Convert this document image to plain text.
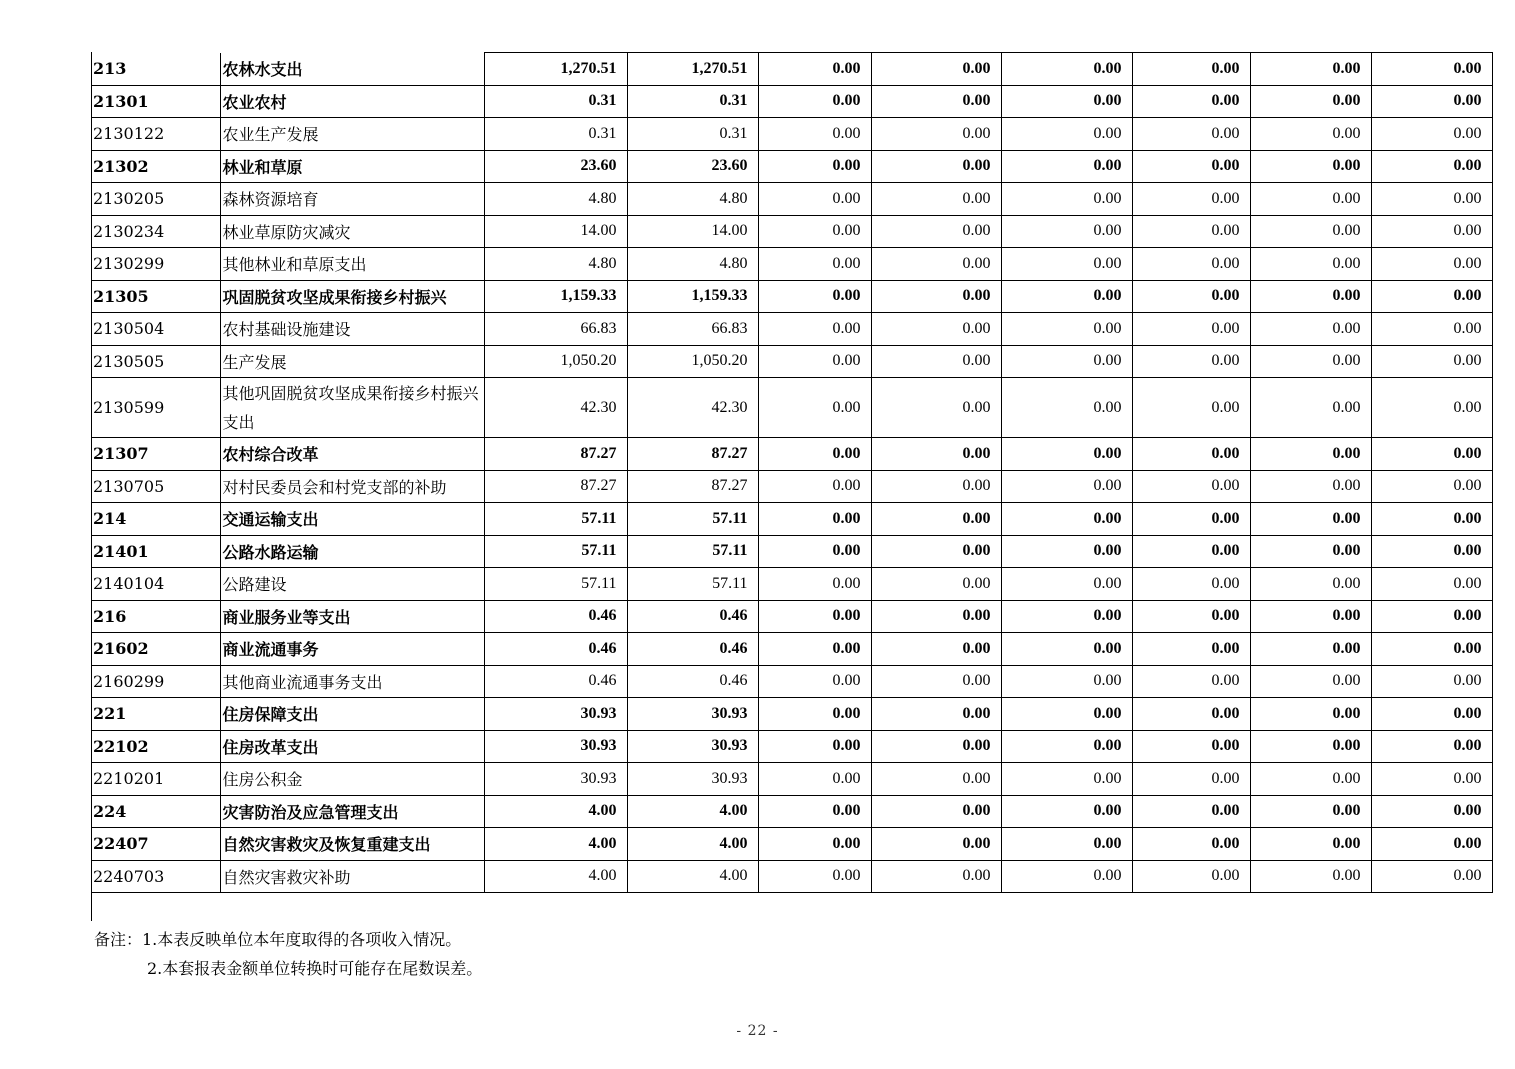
213	农林水支出	1,270.51	1,270.51	0.00	0.00	0.00	0.00	0.00	0.00
21301	农业农村	0.31	0.31	0.00	0.00	0.00	0.00	0.00	0.00
2130122	农业生产发展	0.31	0.31	0.00	0.00	0.00	0.00	0.00	0.00
21302	林业和草原	23.60	23.60	0.00	0.00	0.00	0.00	0.00	0.00
2130205	森林资源培育	4.80	4.80	0.00	0.00	0.00	0.00	0.00	0.00
2130234	林业草原防灾减灾	14.00	14.00	0.00	0.00	0.00	0.00	0.00	0.00
2130299	其他林业和草原支出	4.80	4.80	0.00	0.00	0.00	0.00	0.00	0.00
21305	巩固脱贫攻坚成果衔接乡村振兴	1,159.33	1,159.33	0.00	0.00	0.00	0.00	0.00	0.00
2130504	农村基础设施建设	66.83	66.83	0.00	0.00	0.00	0.00	0.00	0.00
2130505	生产发展	1,050.20	1,050.20	0.00	0.00	0.00	0.00	0.00	0.00
2130599	其他巩固脱贫攻坚成果衔接乡村振兴支出	42.30	42.30	0.00	0.00	0.00	0.00	0.00	0.00
21307	农村综合改革	87.27	87.27	0.00	0.00	0.00	0.00	0.00	0.00
2130705	对村民委员会和村党支部的补助	87.27	87.27	0.00	0.00	0.00	0.00	0.00	0.00
214	交通运输支出	57.11	57.11	0.00	0.00	0.00	0.00	0.00	0.00
21401	公路水路运输	57.11	57.11	0.00	0.00	0.00	0.00	0.00	0.00
2140104	公路建设	57.11	57.11	0.00	0.00	0.00	0.00	0.00	0.00
216	商业服务业等支出	0.46	0.46	0.00	0.00	0.00	0.00	0.00	0.00
21602	商业流通事务	0.46	0.46	0.00	0.00	0.00	0.00	0.00	0.00
2160299	其他商业流通事务支出	0.46	0.46	0.00	0.00	0.00	0.00	0.00	0.00
221	住房保障支出	30.93	30.93	0.00	0.00	0.00	0.00	0.00	0.00
22102	住房改革支出	30.93	30.93	0.00	0.00	0.00	0.00	0.00	0.00
2210201	住房公积金	30.93	30.93	0.00	0.00	0.00	0.00	0.00	0.00
224	灾害防治及应急管理支出	4.00	4.00	0.00	0.00	0.00	0.00	0.00	0.00
22407	自然灾害救灾及恢复重建支出	4.00	4.00	0.00	0.00	0.00	0.00	0.00	0.00
2240703	自然灾害救灾补助	4.00	4.00	0.00	0.00	0.00	0.00	0.00	0.00
备注：1.本表反映单位本年度取得的各项收入情况。
2.本套报表金额单位转换时可能存在尾数误差。
- 22 -
